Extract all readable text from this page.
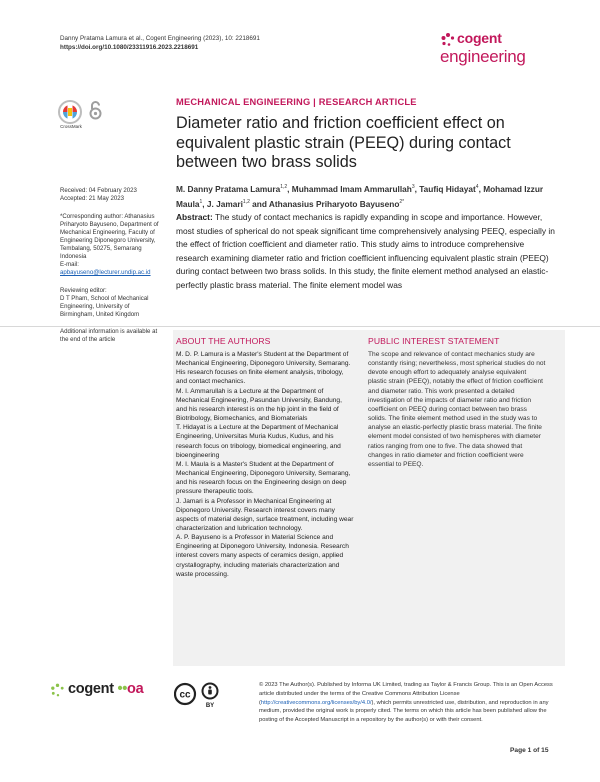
Danny Pratama Lamura et al., Cogent Engineering (2023), 10: 2218691
https://doi.org/10.1080/23311916.2023.2218691
cogent
engineering
CrossMark
MECHANICAL ENGINEERING | RESEARCH ARTICLE
Diameter ratio and friction coefficient effect on equivalent plastic strain (PEEQ) during contact between two brass solids
M. Danny Pratama Lamura$^{1,2}$, Muhammad Imam Ammarullah$^3$, Taufiq Hidayat$^4$, Mohamad Izzur Maula$^1$, J. Jamari$^{1,2}$ and Athanasius Priharyoto Bayuseno$^{2*}$
Received: 04 February 2023
Accepted: 21 May 2023
*Corresponding author: Athanasius Priharyoto Bayuseno, Department of Mechanical Engineering, Faculty of Engineering Diponegoro University, Tembalang, 50275, Semarang Indonesia
E-mail: apbayuseno@lecturer.undip.ac.id
Reviewing editor:
D T Pham, School of Mechanical Engineering, University of Birmingham, United Kingdom
Additional information is available at the end of the article
Abstract: The study of contact mechanics is rapidly expanding in scope and importance. However, most studies of spherical do not speak significant time comprehensively analysing PEEQ, especially in the effect of friction coefficient and diameter ratio. This study aims to introduce comprehensive research examining diameter ratio and friction coefficient influencing equivalent plastic strain (PEEQ) during contact between two brass solids. In this study, the finite element method analysed an elastic-perfectly plastic brass material. The finite element model was
ABOUT THE AUTHORS

M. D. P. Lamura is a Master's Student at the Department of Mechanical Engineering, Diponegoro University, Semarang. His research focuses on finite element analysis, tribology, and contact mechanics.

M. I. Ammarullah is a Lecture at the Department of Mechanical Engineering, Pasundan University, Bandung, and his research interest is on the hip joint in the field of Biotribology, Biomechanics, and Biomaterials

T. Hidayat is a Lecture at the Department of Mechanical Engineering, Universitas Muria Kudus, Kudus, and his research focus on tribology, biomedical engineering, and bioengineering

M. I. Maula is a Master's Student at the Department of Mechanical Engineering, Diponegoro University, Semarang, and his research focus on the Engineering design on deep pressure therapeutic tools.

J. Jamari is a Professor in Mechanical Engineering at Diponegoro University. Research interest covers many aspects of material design, surface treatment, including wear characterization and lubrication technology.

A. P. Bayuseno is a Professor in Material Science and Engineering at Diponegoro University, Indonesia. Research interest covers many aspects of ceramics design, applied crystallography, including materials characterization and waste processing.

PUBLIC INTEREST STATEMENT
The scope and relevance of contact mechanics study are constantly rising; nevertheless, most spherical studies do not devote enough effort to adequately analyse equivalent plastic strain (PEEQ), notably the effect of friction coefficient and diameter ratio. This work presented a detailed investigation of the impacts of diameter ratio and friction coefficient on PEEQ during contact between two brass solids. The finite element method used in the study was to analyse an elastic-perfectly plastic brass material. The finite element model consisted of two hemispheres with diameter ratios ranging from one to five. The data showed that changes in ratio diameter and friction coefficient were essential to PEEQ.
cogent ••oa	cc
BY
© 2023 The Author(s). Published by Informa UK Limited, trading as Taylor & Francis Group. This is an Open Access article distributed under the terms of the Creative Commons Attribution License (http://creativecommons.org/licenses/by/4.0/), which permits unrestricted use, distribution, and reproduction in any medium, provided the original work is properly cited. The terms on which this article has been published allow the posting of the Accepted Manuscript in a repository by the author(s) or with their consent.
Page 1 of 15
